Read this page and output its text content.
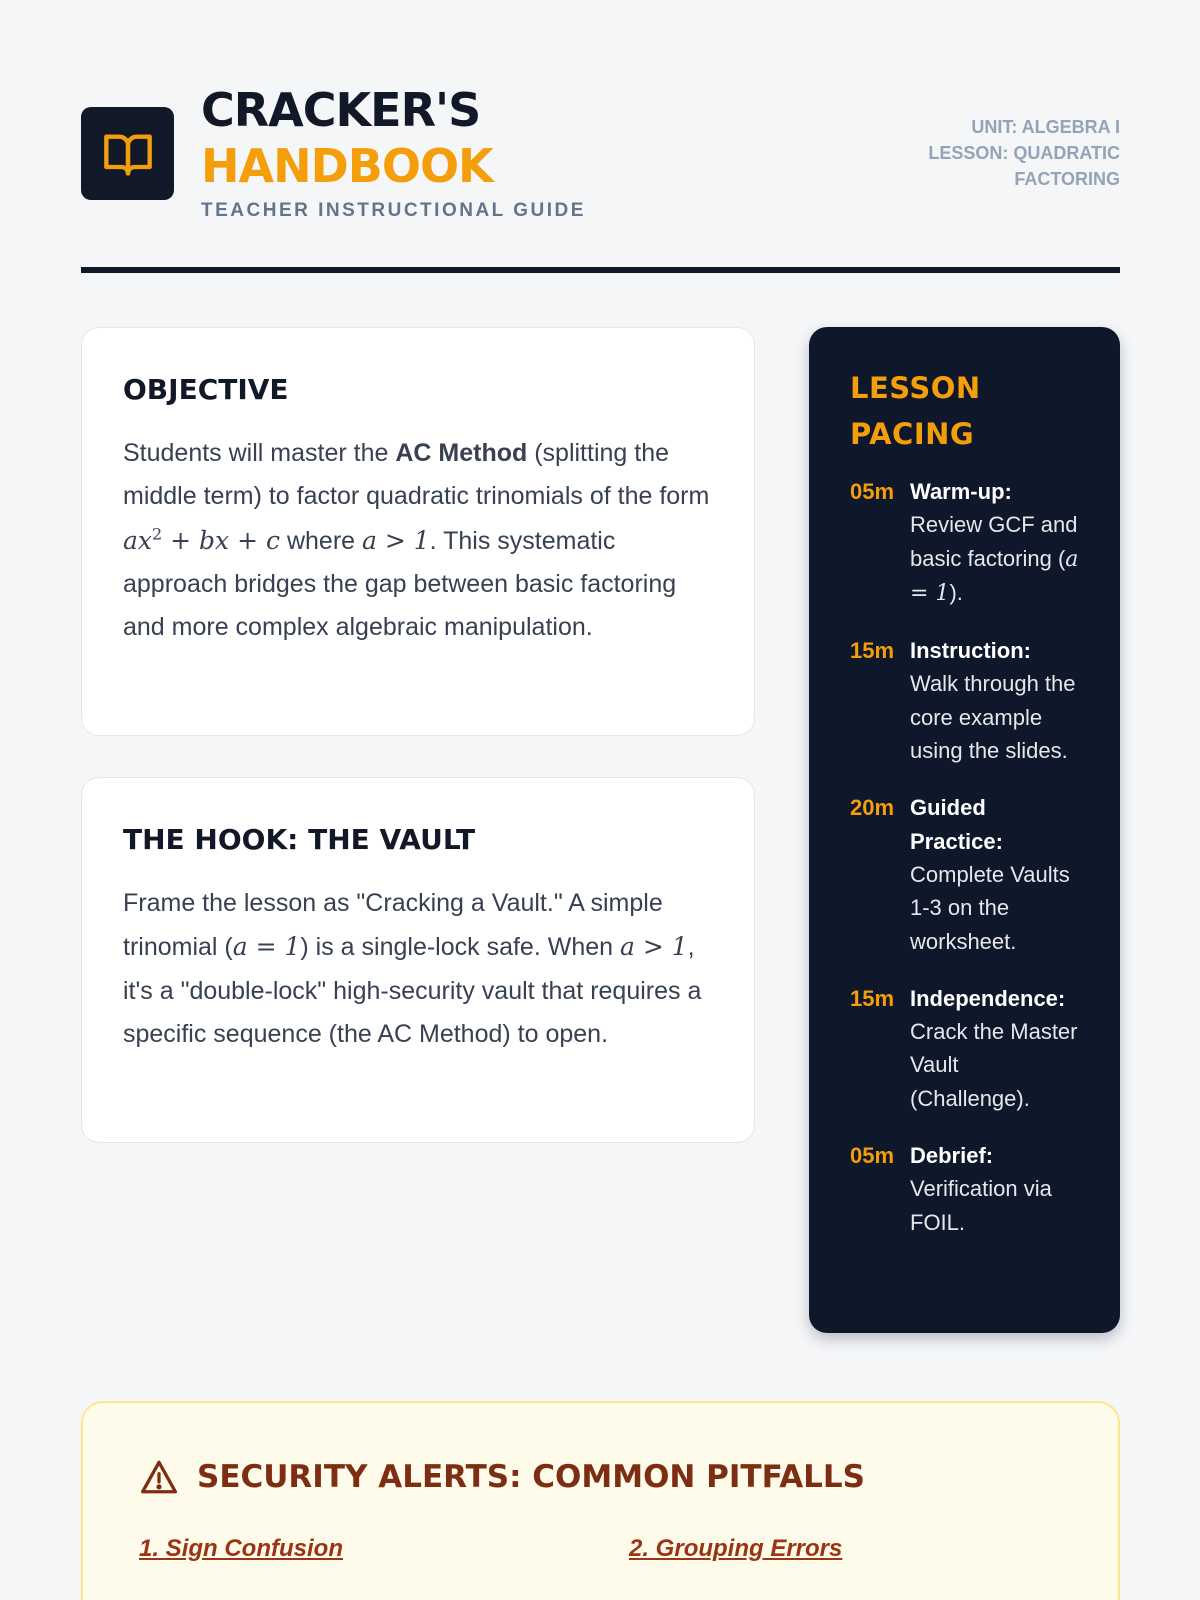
CRACKER'S
HANDBOOK
TEACHER INSTRUCTIONAL GUIDE
UNIT: ALGEBRA I
LESSON: QUADRATIC FACTORING
OBJECTIVE

Students will master the AC Method (splitting the middle term) to factor quadratic trinomials of the form $ax^2$ + bx + c where a > 1. This systematic approach bridges the gap between basic factoring and more complex algebraic manipulation.

THE HOOK: THE VAULT

Frame the lesson as "Cracking a Vault." A simple trinomial (a = 1) is a single-lock safe. When a > 1, it's a "double-lock" high-security vault that requires a specific sequence (the AC Method) to open.

LESSON PACING
05m Warm-up:
Review GCF and basic factoring (a = 1).
15m Instruction:
Walk through the core example using the slides.
20m Guided Practice:
Complete Vaults 1-3 on the worksheet.
15m Independence:
Crack the Master Vault (Challenge).
05m Debrief:
Verification via FOIL.
SECURITY ALERTS: COMMON PITFALLS
1. Sign Confusion	2. Grouping Errors
